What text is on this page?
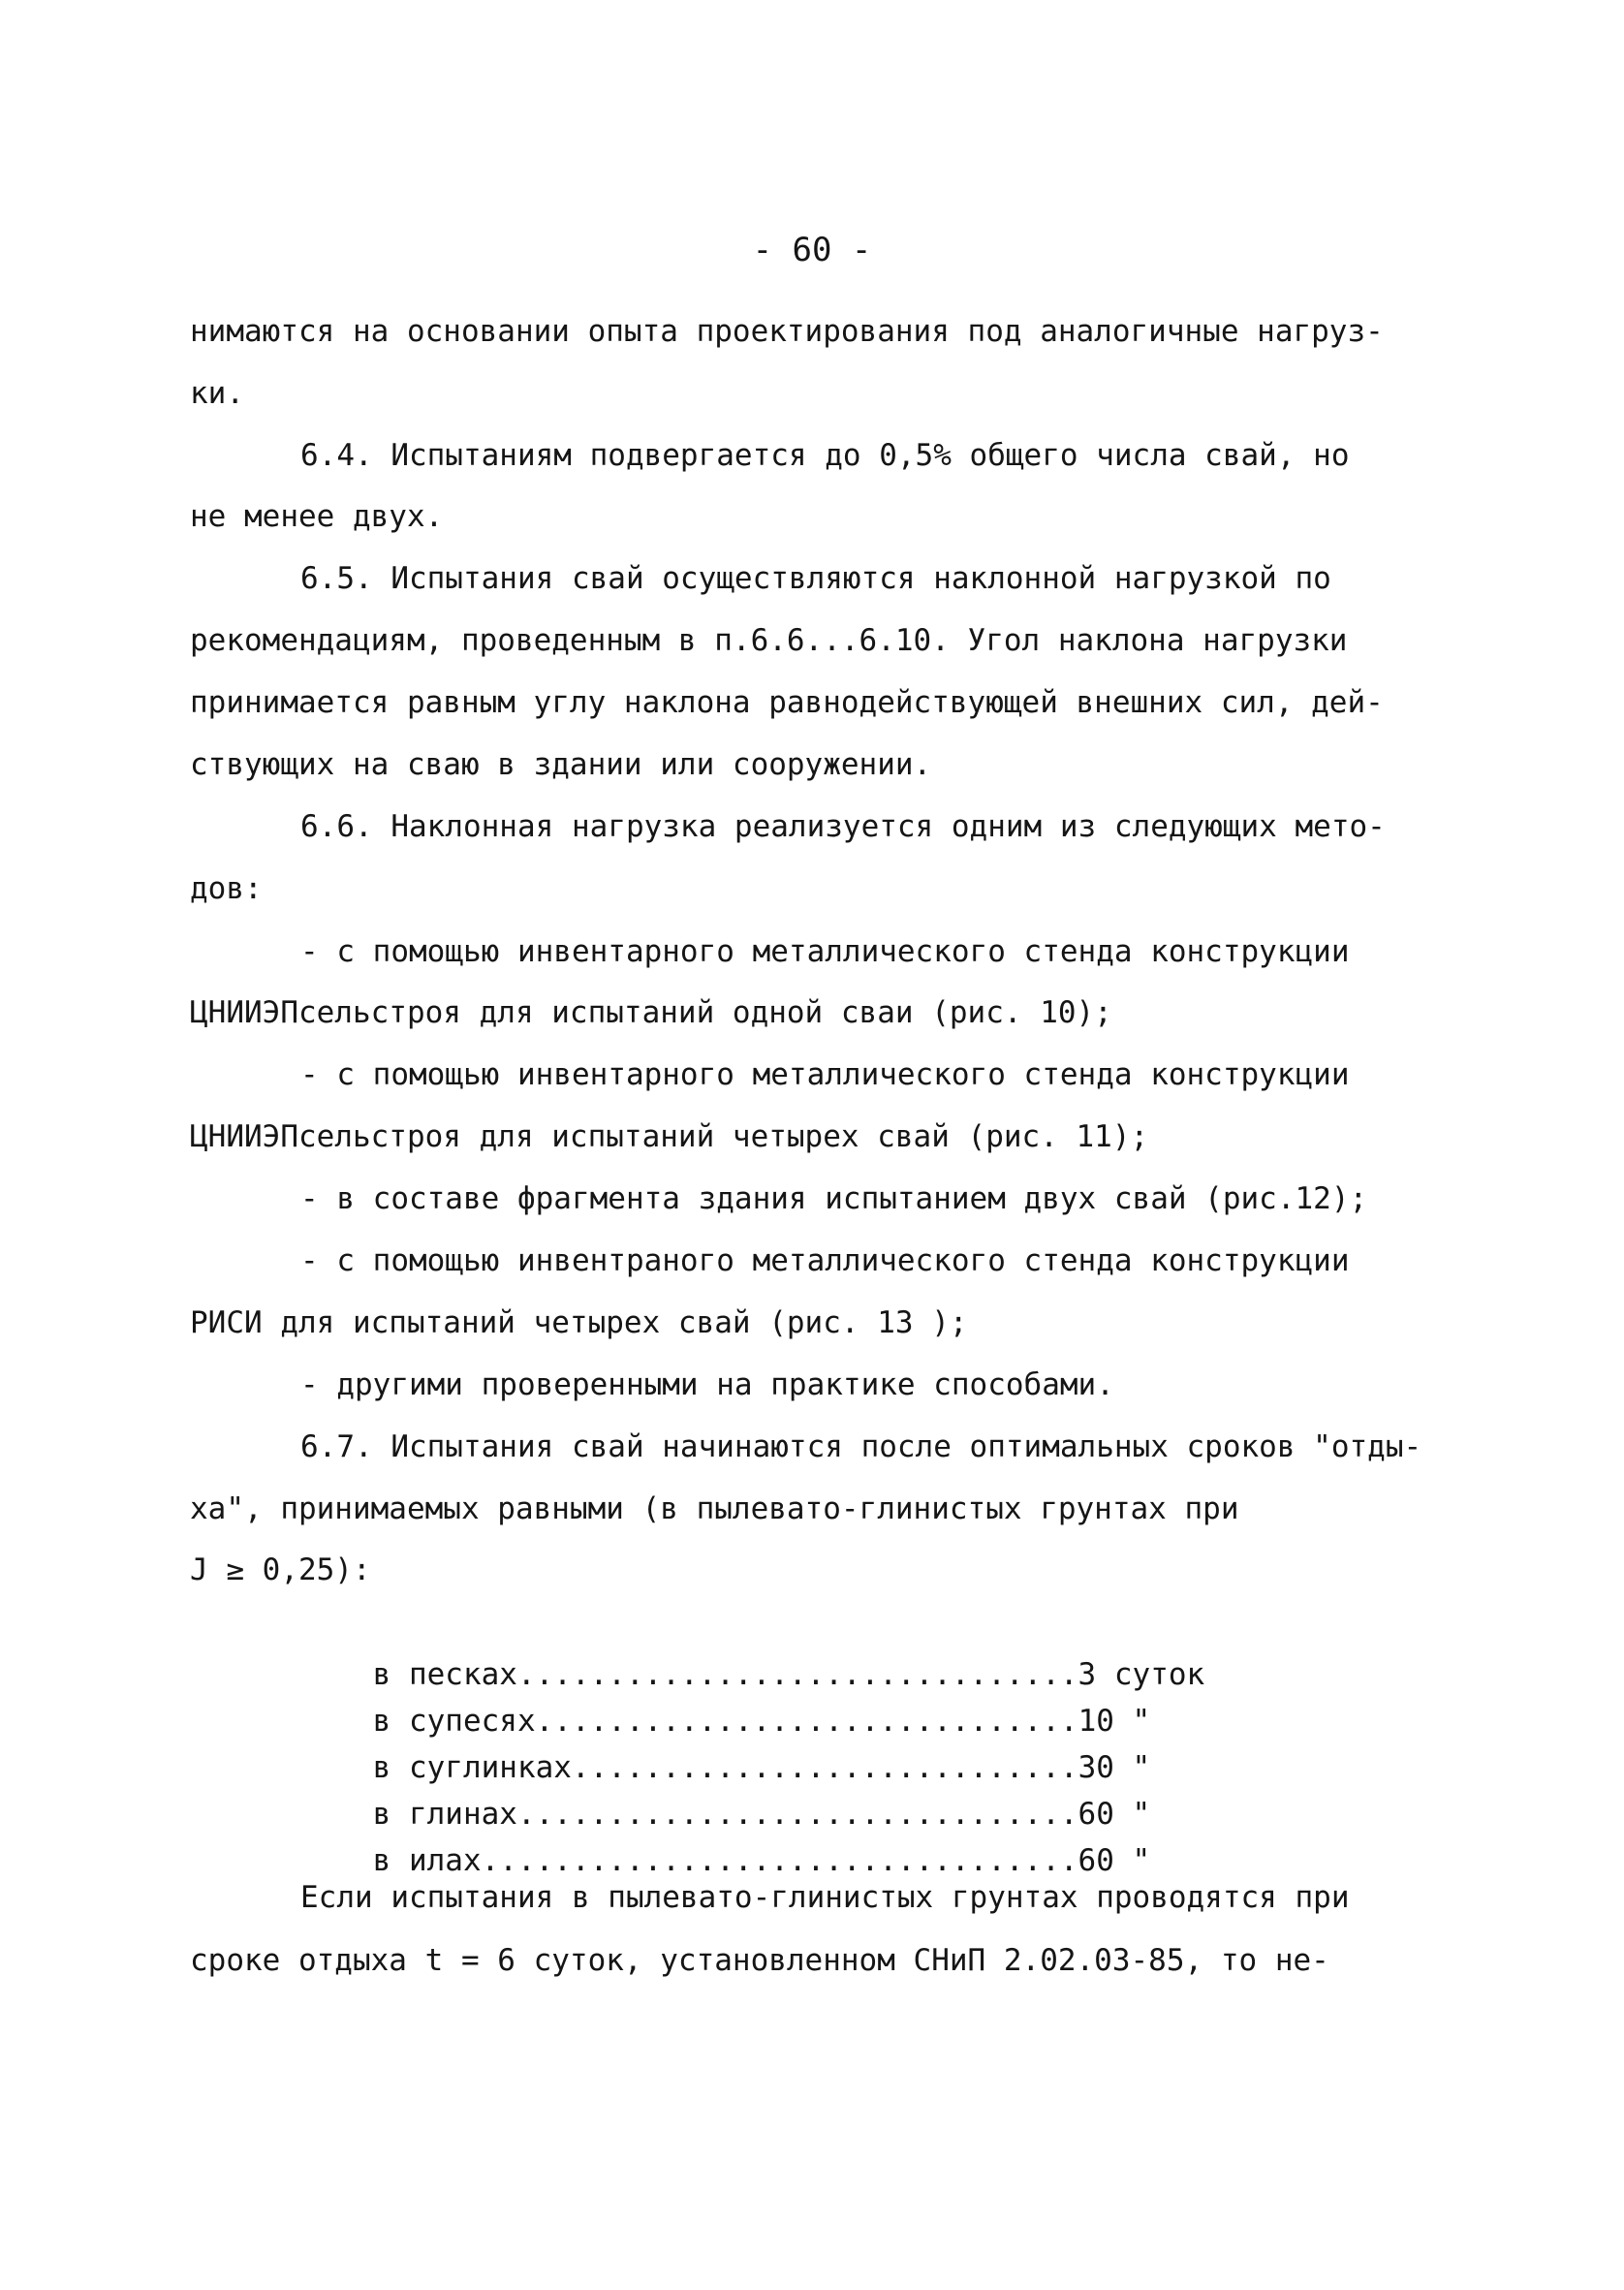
- 60 -
нимаются на основании опыта проектирования под аналогичные нагруз-
ки.
6.4. Испытаниям подвергается до 0,5% общего числа свай, но
не менее двух.
6.5. Испытания свай осуществляются наклонной нагрузкой по
рекомендациям, проведенным в п.6.6...6.10. Угол наклона нагрузки
принимается равным углу наклона равнодействующей внешних сил, дей-
ствующих на сваю в здании или сооружении.
6.6. Наклонная нагрузка реализуется одним из следующих мето-
дов:
- с помощью инвентарного металлического стенда конструкции
ЦНИИЭПсельстроя для испытаний одной сваи (рис. 10);
- с помощью инвентарного металлического стенда конструкции
ЦНИИЭПсельстроя для испытаний четырех свай (рис. 11);
- в составе фрагмента здания испытанием двух свай (рис.12);
- с помощью инвентраного металлического стенда конструкции
РИСИ для испытаний четырех свай (рис. 13 );
- другими проверенными на практике способами.
6.7. Испытания свай начинаются после оптимальных сроков "отды-
ха", принимаемых равными (в пылевато-глинистых грунтах при
J ≥ 0,25):

в песках...............................3 суток

в супесях..............................10 "

в суглинках............................30 "

в глинах...............................60 "

в илах.................................60 "

Если испытания в пылевато-глинистых грунтах проводятся при
сроке отдыха t = 6 суток, установленном СНиП 2.02.03-85, то не-
